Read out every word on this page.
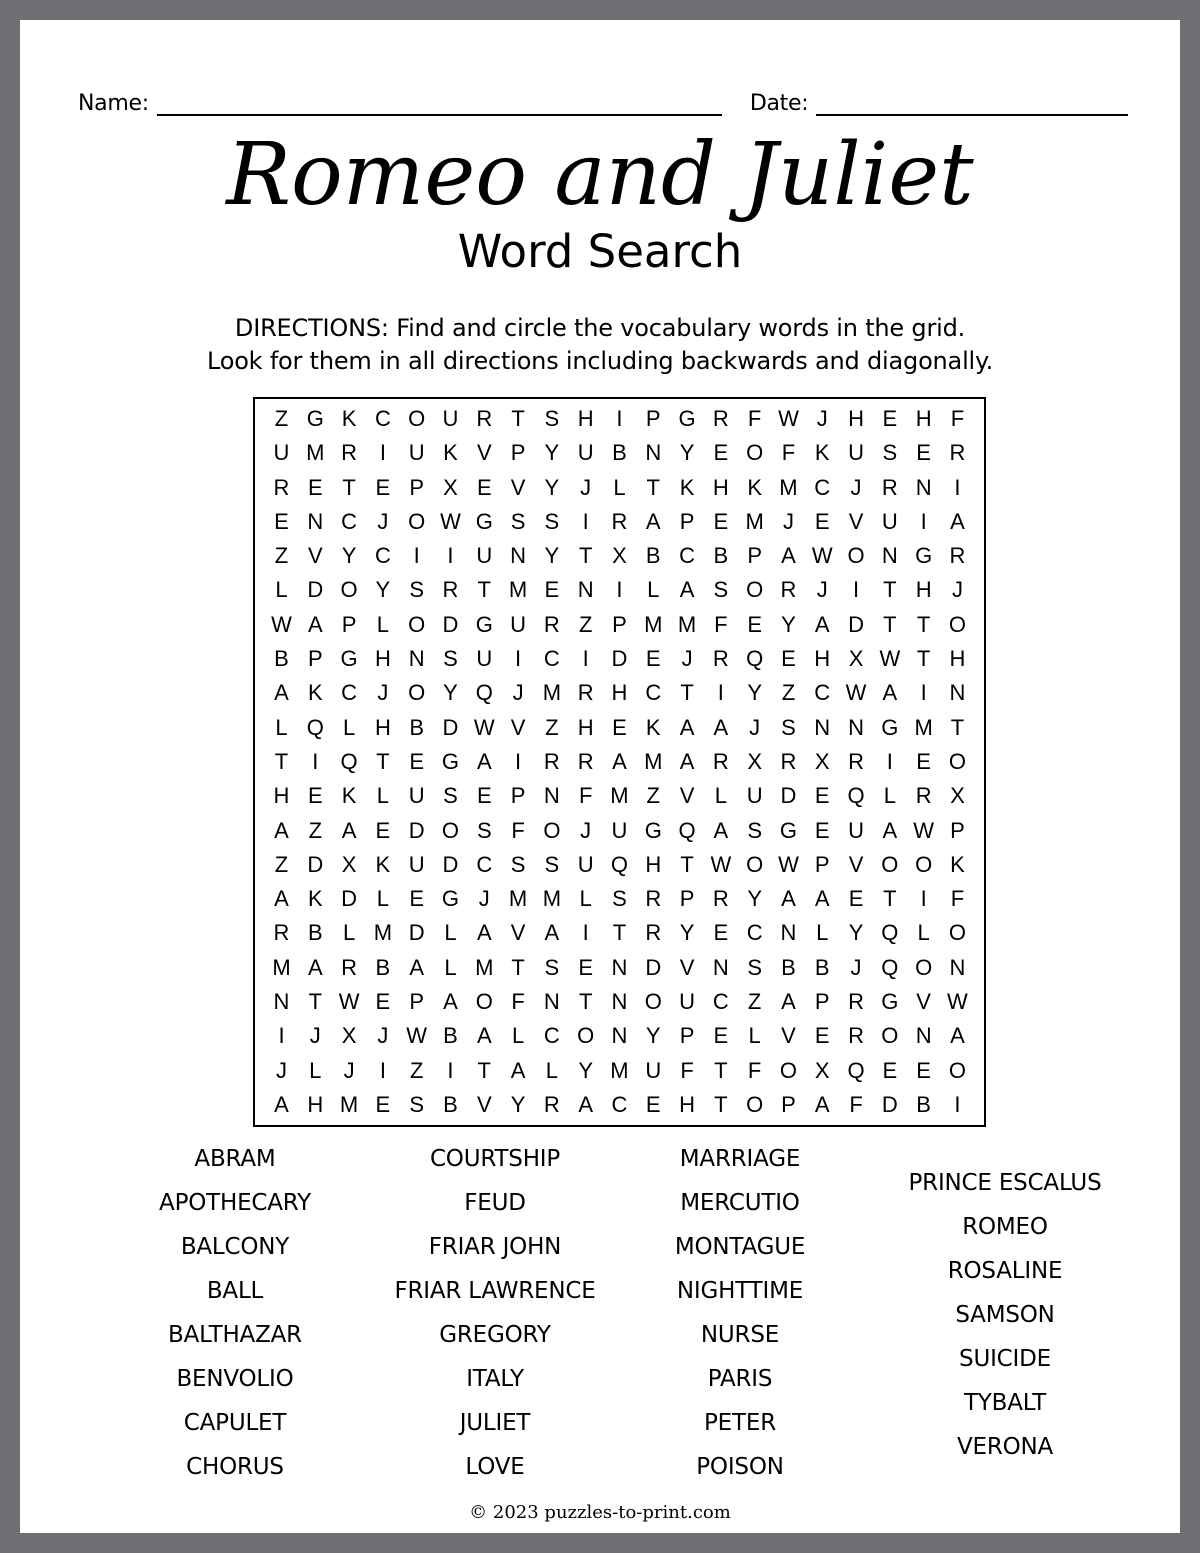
Name:	Date:
Romeo and Juliet
Word Search
DIRECTIONS: Find and circle the vocabulary words in the grid.
Look for them in all directions including backwards and diagonally.
Z G K C O U R T S H	I	P G R F W J H E H F
U M R	I	U K V P Y U B N Y E O F K U S E R
R E T E P X E V Y J	L T K H K M C J R N	I
E N C J O W G S S	I	R A P E M J E V U	I	A
Z V Y C	I	I	U N Y T X B C B P A W O N G R
L D O Y S R T M E N	I	L A S O R J	I	T H J
W A P L O D G U R Z P M M F E Y A D T T O
B P G H N S U	I	C	I	D E J R Q E H X W T H
A K C J O Y Q J M R H C T	I	Y Z C W A	I	N
L Q L H B D W V Z H E K A A J S N N G M T
T	I	Q T E G A	I	R R A M A R X R X R	I	E O
H E K L U S E P N F M Z V L U D E Q L R X
A Z A E D O S F O J U G Q A S G E U A W P
Z D X K U D C S S U Q H T W O W P V O O K
A K D L E G J M M L S R P R Y A A E T	I	F
R B L M D L A V A	I	T R Y E C N L Y Q L O
M A R B A L M T S E N D V N S B B J Q O N
N T W E P A O F N T N O U C Z A P R G V W
I	J X J W B A L C O N Y P E L V E R O N A
J	L	J	I	Z	I	T A L Y M U F T F O X Q E E O
A H M E S B V Y R A C E H T O P A F D B	I
ABRAM
APOTHECARY
BALCONY
BALL
BALTHAZAR
BENVOLIO
CAPULET
CHORUS
COURTSHIP
FEUD
FRIAR JOHN
FRIAR LAWRENCE
GREGORY
ITALY
JULIET
LOVE
MARRIAGE
MERCUTIO
MONTAGUE
NIGHTTIME
NURSE
PARIS
PETER
POISON
PRINCE ESCALUS
ROMEO
ROSALINE
SAMSON
SUICIDE
TYBALT
VERONA
© 2023 puzzles-to-print.com
